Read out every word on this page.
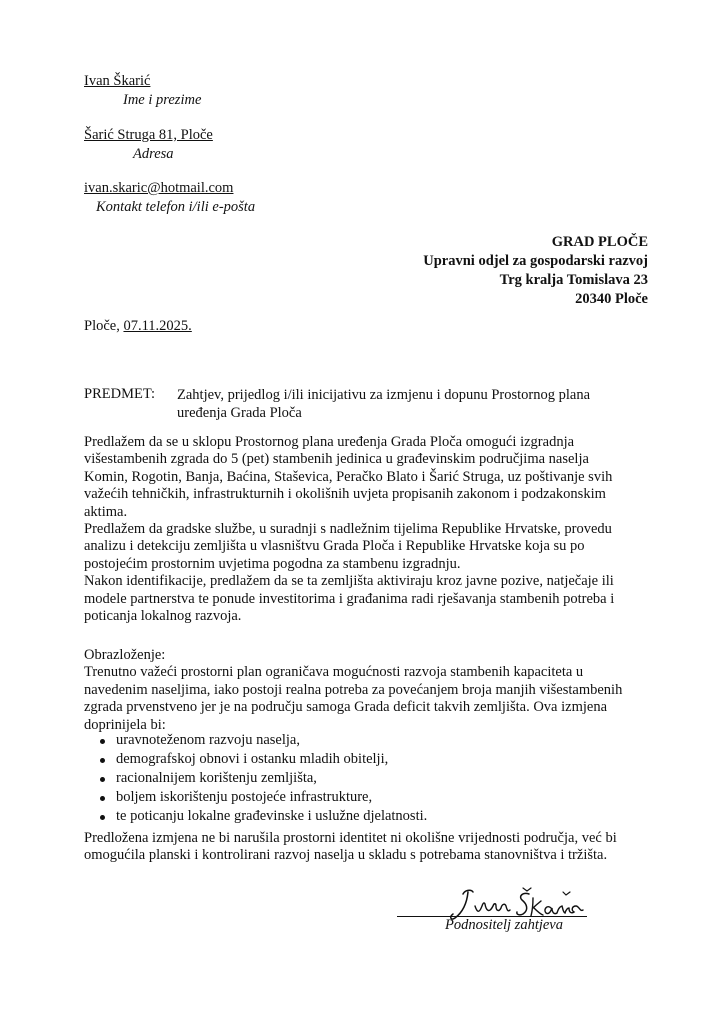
Ivan Škarić
Ime i prezime
Šarić Struga 81, Ploče
Adresa
ivan.skaric@hotmail.com
Kontakt telefon i/ili e-pošta
GRAD PLOČE
Upravni odjel za gospodarski razvoj
Trg kralja Tomislava 23
20340 Ploče
Ploče, 07.11.2025.
PREDMET: Zahtjev, prijedlog i/ili inicijativu za izmjenu i dopunu Prostornog plana
uređenja Grada Ploča
Predlažem da se u sklopu Prostornog plana uređenja Grada Ploča omogući izgradnja
višestambenih zgrada do 5 (pet) stambenih jedinica u građevinskim područjima naselja
Komin, Rogotin, Banja, Baćina, Staševica, Peračko Blato i Šarić Struga, uz poštivanje svih
važećih tehničkih, infrastrukturnih i okolišnih uvjeta propisanih zakonom i podzakonskim
aktima.
Predlažem da gradske službe, u suradnji s nadležnim tijelima Republike Hrvatske, provedu
analizu i detekciju zemljišta u vlasništvu Grada Ploča i Republike Hrvatske koja su po
postojećim prostornim uvjetima pogodna za stambenu izgradnju.
Nakon identifikacije, predlažem da se ta zemljišta aktiviraju kroz javne pozive, natječaje ili
modele partnerstva te ponude investitorima i građanima radi rješavanja stambenih potreba i
poticanja lokalnog razvoja.
Obrazloženje:
Trenutno važeći prostorni plan ograničava mogućnosti razvoja stambenih kapaciteta u
navedenim naseljima, iako postoji realna potreba za povećanjem broja manjih višestambenih
zgrada prvenstveno jer je na području samoga Grada deficit takvih zemljišta. Ova izmjena
doprinijela bi:
uravnoteženom razvoju naselja,
demografskoj obnovi i ostanku mladih obitelji,
racionalnijem korištenju zemljišta,
boljem iskorištenju postojeće infrastrukture,
te poticanju lokalne građevinske i uslužne djelatnosti.
Predložena izmjena ne bi narušila prostorni identitet ni okolišne vrijednosti područja, već bi
omogućila planski i kontrolirani razvoj naselja u skladu s potrebama stanovništva i tržišta.
Podnositelj zahtjeva
